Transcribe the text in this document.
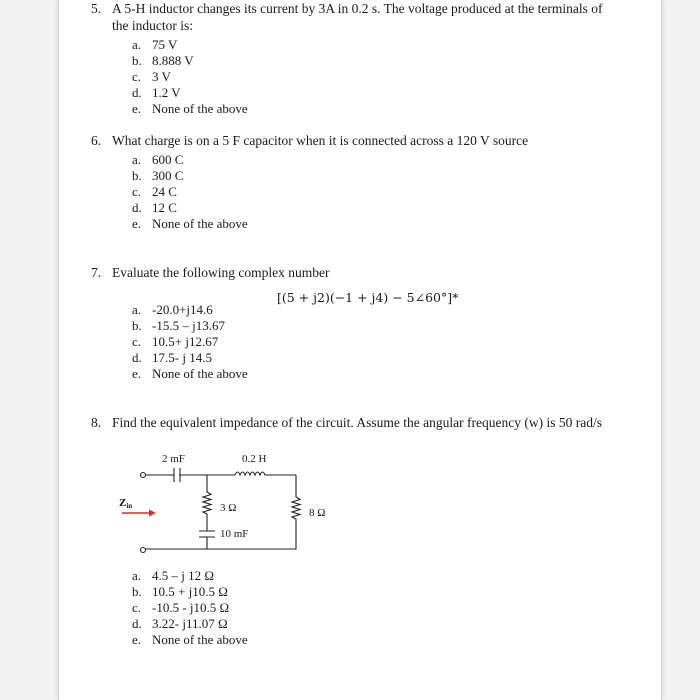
5. A 5-H inductor changes its current by 3A in 0.2 s. The voltage produced at the terminals of
the inductor is:
a. 75 V
b. 8.888 V
c. 3 V
d. 1.2 V
e. None of the above
6. What charge is on a 5 F capacitor when it is connected across a 120 V source
a. 600 C
b. 300 C
c. 24 C
d. 12 C
e. None of the above
7. Evaluate the following complex number
a. -20.0+j14.6
b. -15.5 – j13.67
c. 10.5+ j12.67
d. 17.5- j 14.5
e. None of the above
[(5 + j2)(−1 + j4) − 5∠60°]*
8. Find the equivalent impedance of the circuit. Assume the angular frequency (w) is 50 rad/s
2 mF	0.2 H
3 Ω
10 mF
8 Ω
Zin
a. 4.5 – j 12 Ω
b. 10.5 + j10.5 Ω
c. -10.5 - j10.5 Ω
d. 3.22- j11.07 Ω
e. None of the above
